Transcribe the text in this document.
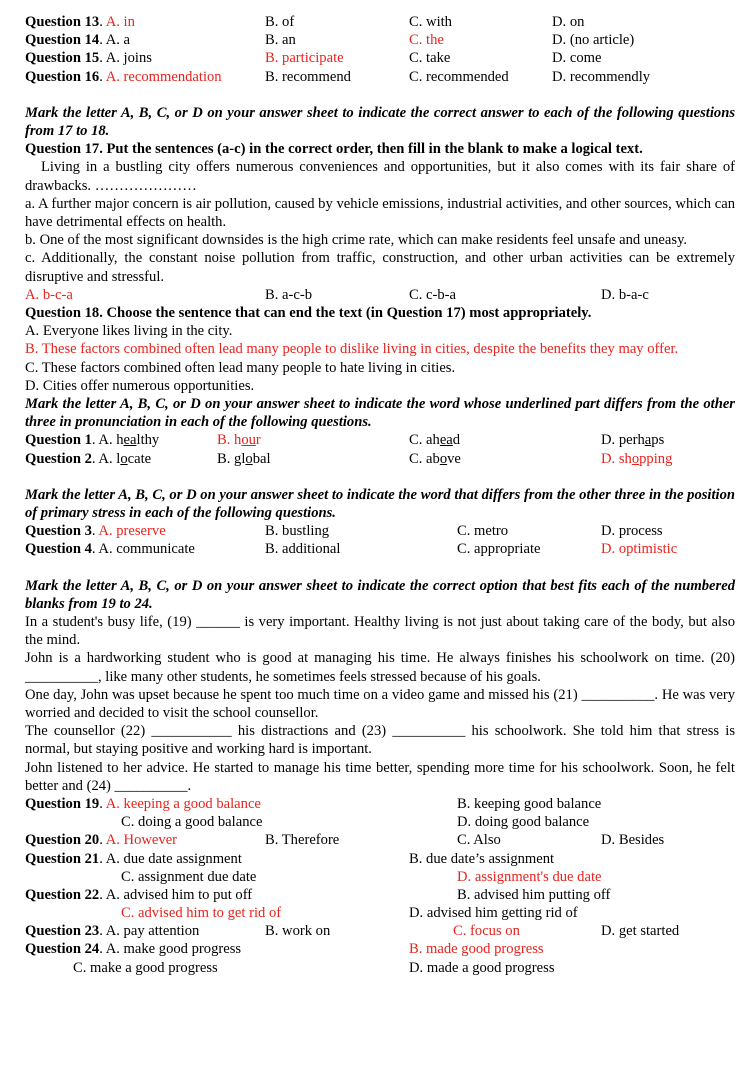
Question 13. A. in	B. of	C. with	D. on
Question 14. A. a	B. an	C. the	D. (no article)
Question 15. A. joins	B. participate	C. take	D. come
Question 16. A. recommendation	B. recommend	C. recommended	D. recommendly
Mark the letter A, B, C, or D on your answer sheet to indicate the correct answer to each of the following questions from 17 to 18.
Question 17. Put the sentences (a-c) in the correct order, then fill in the blank to make a logical text.
Living in a bustling city offers numerous conveniences and opportunities, but it also comes with its fair share of drawbacks. …………………
a. A further major concern is air pollution, caused by vehicle emissions, industrial activities, and other sources, which can have detrimental effects on health.
b. One of the most significant downsides is the high crime rate, which can make residents feel unsafe and uneasy.
c. Additionally, the constant noise pollution from traffic, construction, and other urban activities can be extremely disruptive and stressful.
A. b-c-a	B. a-c-b	C. c-b-a	D. b-a-c
Question 18. Choose the sentence that can end the text (in Question 17) most appropriately.
A. Everyone likes living in the city.
B. These factors combined often lead many people to dislike living in cities, despite the benefits they may offer.
C. These factors combined often lead many people to hate living in cities.
D. Cities offer numerous opportunities.
Mark the letter A, B, C, or D on your answer sheet to indicate the word whose underlined part differs from the other three in pronunciation in each of the following questions.
Question 1. A. healthy	B. hour	C. ahead	D. perhaps
Question 2. A. locate	B. global	C. above	D. shopping
Mark the letter A, B, C, or D on your answer sheet to indicate the word that differs from the other three in the position of primary stress in each of the following questions.
Question 3. A. preserve	B. bustling	C. metro	D. process
Question 4. A. communicate	B. additional	C. appropriate	D. optimistic
Mark the letter A, B, C, or D on your answer sheet to indicate the correct option that best fits each of the numbered blanks from 19 to 24.
In a student's busy life, (19) ______ is very important. Healthy living is not just about taking care of the body, but also the mind.
John is a hardworking student who is good at managing his time. He always finishes his schoolwork on time. (20) __________, like many other students, he sometimes feels stressed because of his goals.
One day, John was upset because he spent too much time on a video game and missed his (21) __________. He was very worried and decided to visit the school counsellor.
The counsellor (22) ___________ his distractions and (23) __________ his schoolwork. She told him that stress is normal, but staying positive and working hard is important.
John listened to her advice. He started to manage his time better, spending more time for his schoolwork. Soon, he felt better and (24) __________.
Question 19. A. keeping a good balance	B. keeping good balance
C. doing a good balance	D. doing good balance
Question 20. A. However	B. Therefore	C. Also	D. Besides
Question 21. A. due date assignment	B. due date’s assignment
C. assignment due date	D. assignment's due date
Question 22. A. advised him to put off	B. advised him putting off
C. advised him to get rid of	D. advised him getting rid of
Question 23. A. pay attention	B. work on	C. focus on	D. get started
Question 24. A. make good progress	B. made good progress
C. make a good progress	D. made a good progress
